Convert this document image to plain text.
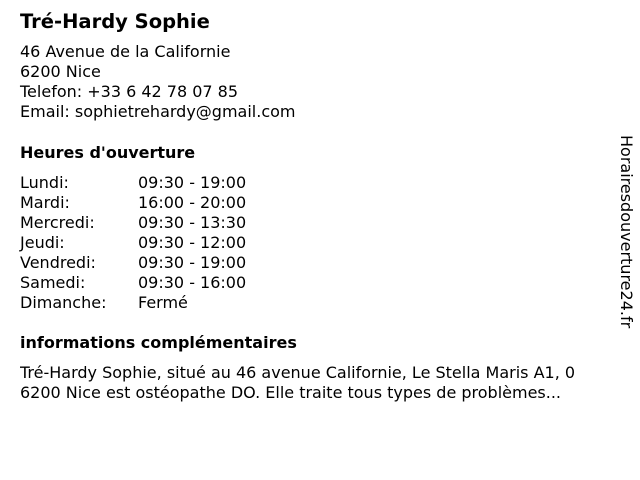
Tré-Hardy Sophie
46 Avenue de la Californie
6200 Nice
Telefon: +33 6 42 78 07 85
Email: sophietrehardy@gmail.com
Heures d'ouverture
Lundi:	09:30 - 19:00
Mardi:	16:00 - 20:00
Mercredi:	09:30 - 13:30
Jeudi:	09:30 - 12:00
Vendredi:	09:30 - 19:00
Samedi:	09:30 - 16:00
Dimanche:	Fermé
informations complémentaires
Tré-Hardy Sophie, situé au 46 avenue Californie, Le Stella Maris A1, 0
6200 Nice est ostéopathe DO. Elle traite tous types de problèmes...
Horairesdouverture24.fr
